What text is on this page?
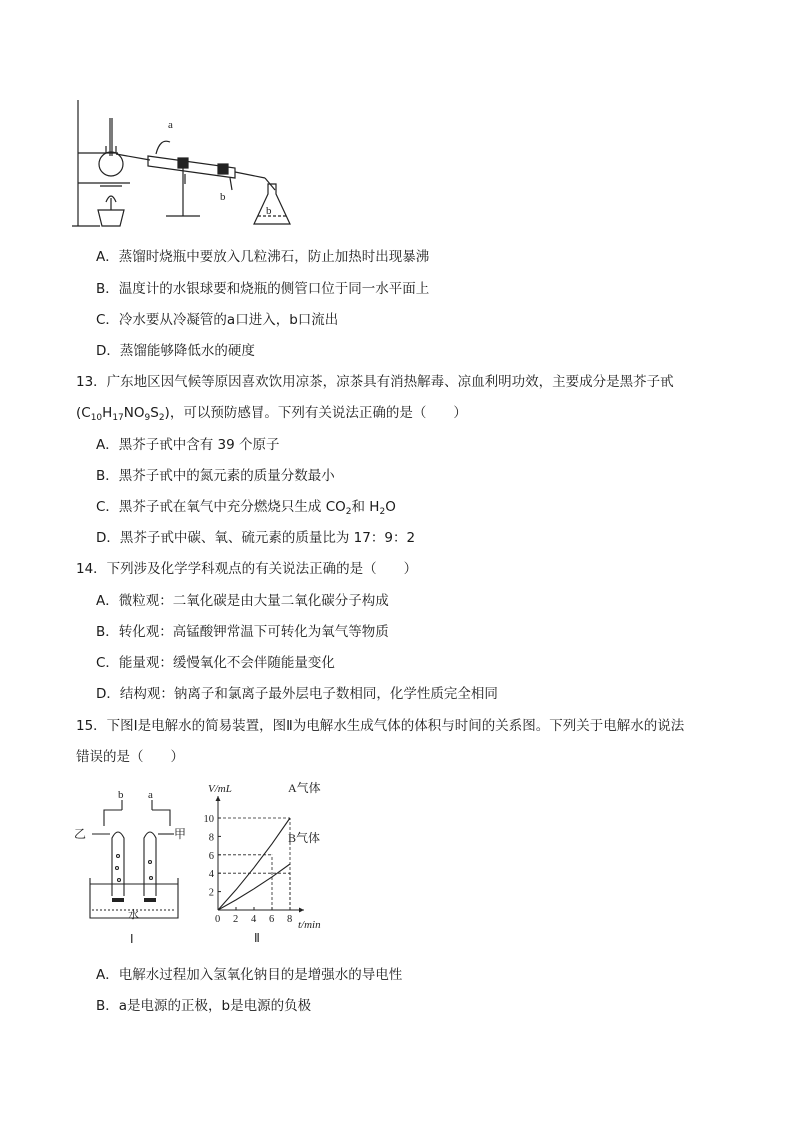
a
b
b
A．蒸馏时烧瓶中要放入几粒沸石，防止加热时出现暴沸
B．温度计的水银球要和烧瓶的侧管口位于同一水平面上
C．冷水要从冷凝管的a口进入，b口流出
D．蒸馏能够降低水的硬度
13．广东地区因气候等原因喜欢饮用凉茶，凉茶具有消热解毒、凉血利明功效，主要成分是黑芥子甙
$(C_{10}H_{17}NO_9S_2)$，可以预防感冒。下列有关说法正确的是（　　）
A．黑芥子甙中含有 39 个原子
B．黑芥子甙中的氮元素的质量分数最小
C．黑芥子甙在氧气中充分燃烧只生成 $CO_2$和 $H_2O$
D．黑芥子甙中碳、氧、硫元素的质量比为 17：9：2
14．下列涉及化学学科观点的有关说法正确的是（　　）
A．微粒观：二氧化碳是由大量二氧化碳分子构成
B．转化观：高锰酸钾常温下可转化为氧气等物质
C．能量观：缓慢氧化不会伴随能量变化
D．结构观：钠离子和氯离子最外层电子数相同，化学性质完全相同
15．下图Ⅰ是电解水的简易装置，图Ⅱ为电解水生成气体的体积与时间的关系图。下列关于电解水的说法
错误的是（　　）
b a
乙	甲
水
Ⅰ
V/mL
t/min
0 2 4 6 8
2
4
6
8
10
A气体
B气体
Ⅱ
A．电解水过程加入氢氧化钠目的是增强水的导电性
B．a是电源的正极，b是电源的负极
